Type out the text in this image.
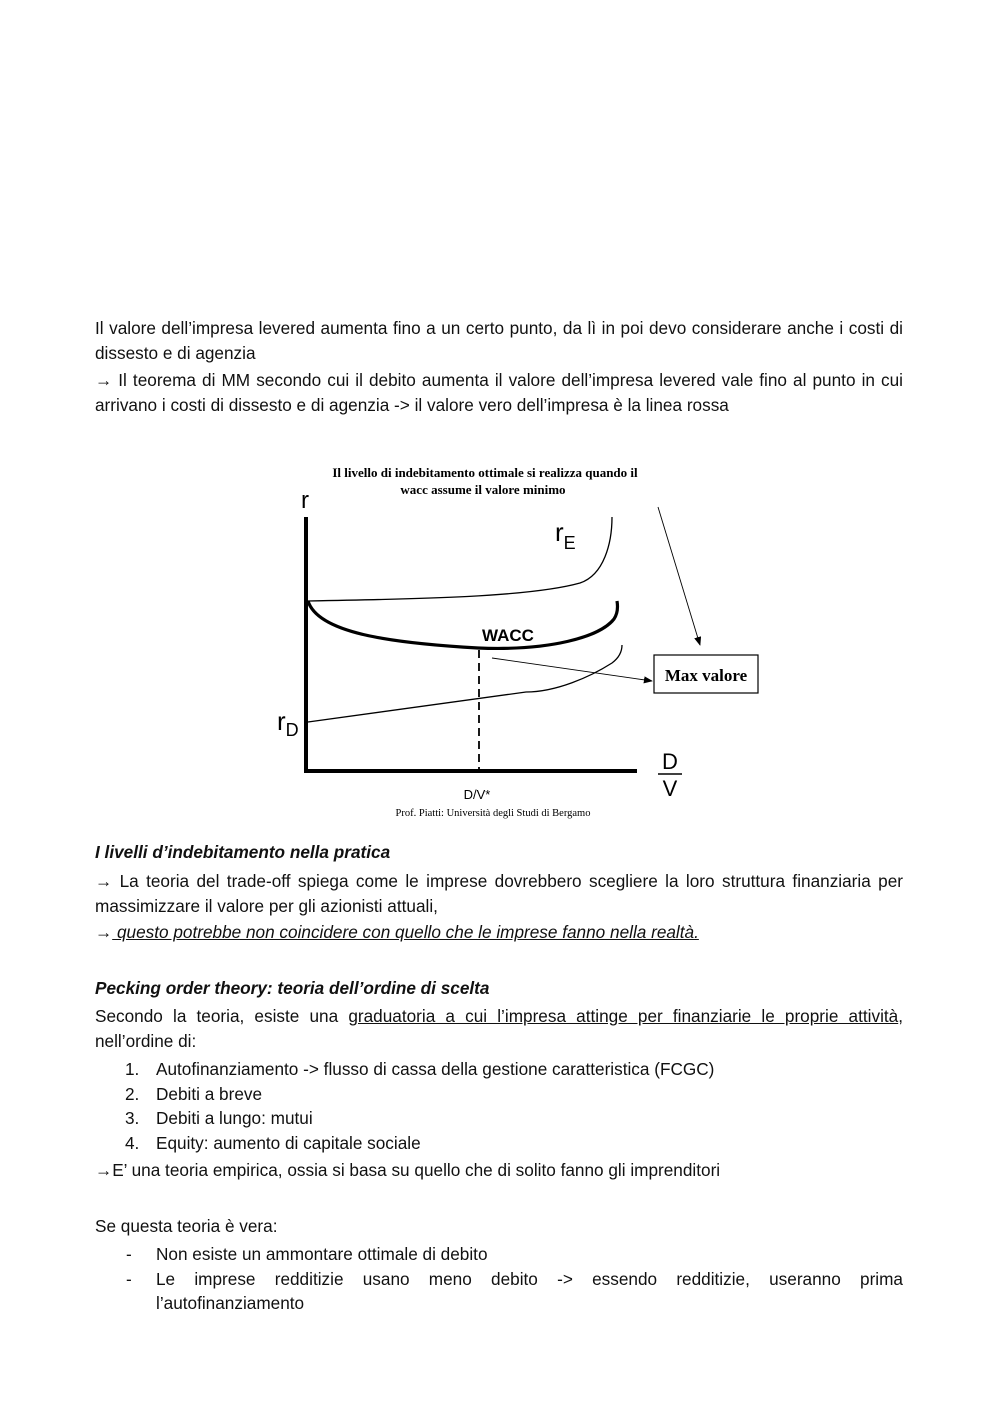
Il valore dell’impresa levered aumenta fino a un certo punto, da lì in poi devo considerare anche i costi di dissesto e di agenzia
→ Il teorema di MM secondo cui il debito aumenta il valore dell’impresa levered vale fino al punto in cui arrivano i costi di dissesto e di agenzia -> il valore vero dell’impresa è la linea rossa
Il livello di indebitamento ottimale si realizza quando il
wacc assume il valore minimo
r
$r_E$
WACC
$r_D$
D/V*
D
V
Max valore
Prof. Piatti: Università degli Studi di Bergamo
I livelli d’indebitamento nella pratica
→ La teoria del trade-off spiega come le imprese dovrebbero scegliere la loro struttura finanziaria per massimizzare il valore per gli azionisti attuali,
→ questo potrebbe non coincidere con quello che le imprese fanno nella realtà.
Pecking order theory: teoria dell’ordine di scelta
Secondo la teoria, esiste una graduatoria a cui l’impresa attinge per finanziarie le proprie attività, nell’ordine di:
1. Autofinanziamento -> flusso di cassa della gestione caratteristica (FCGC)
2. Debiti a breve
3. Debiti a lungo: mutui
4. Equity: aumento di capitale sociale
→E’ una teoria empirica, ossia si basa su quello che di solito fanno gli imprenditori
Se questa teoria è vera:
- Non esiste un ammontare ottimale di debito
- Le imprese redditizie usano meno debito -> essendo redditizie, useranno prima l’autofinanziamento
